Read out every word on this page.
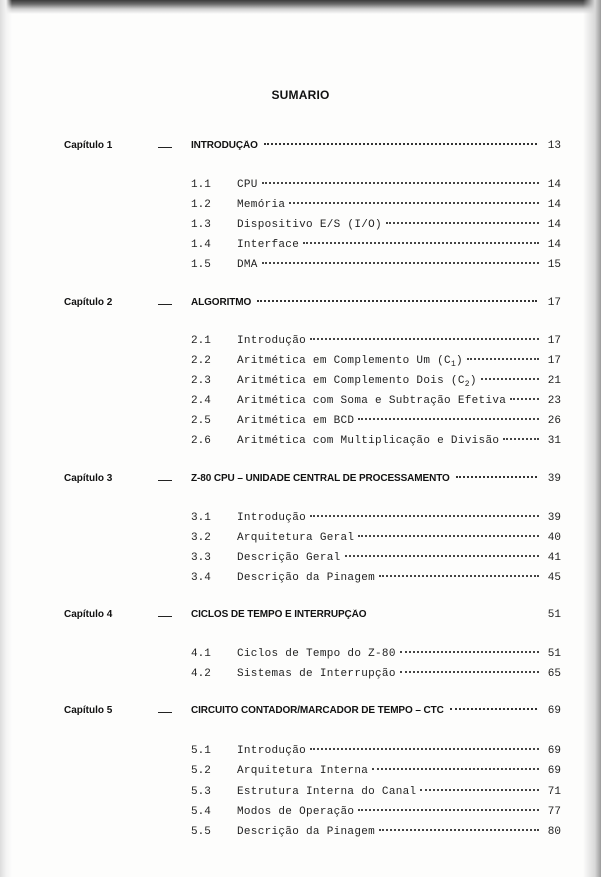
SUMARIO
Capítulo 1	INTRODUÇÃO	13
1.1	CPU	14
1.2	Memória	14
1.3	Dispositivo E/S (I/O)	14
1.4	Interface	14
1.5	DMA	15
Capítulo 2	ALGORITMO	17
2.1	Introdução	17
2.2	Aritmética em Complemento Um $(C_1)$	17
2.3	Aritmética em Complemento Dois $(C_2)$	21
2.4	Aritmética com Soma e Subtração Efetiva	23
2.5	Aritmética em BCD	26
2.6	Aritmética com Multiplicação e Divisão	31
Capítulo 3	Z-80 CPU – UNIDADE CENTRAL DE PROCESSAMENTO	39
3.1	Introdução	39
3.2	Arquitetura Geral	40
3.3	Descrição Geral	41
3.4	Descrição da Pinagem	45
Capítulo 4	CICLOS DE TEMPO E INTERRUPÇÃO	51
4.1	Ciclos de Tempo do Z-80	51
4.2	Sistemas de Interrupção	65
Capítulo 5	CIRCUITO CONTADOR/MARCADOR DE TEMPO – CTC	69
5.1	Introdução	69
5.2	Arquitetura Interna	69
5.3	Estrutura Interna do Canal	71
5.4	Modos de Operação	77
5.5	Descrição da Pinagem	80
